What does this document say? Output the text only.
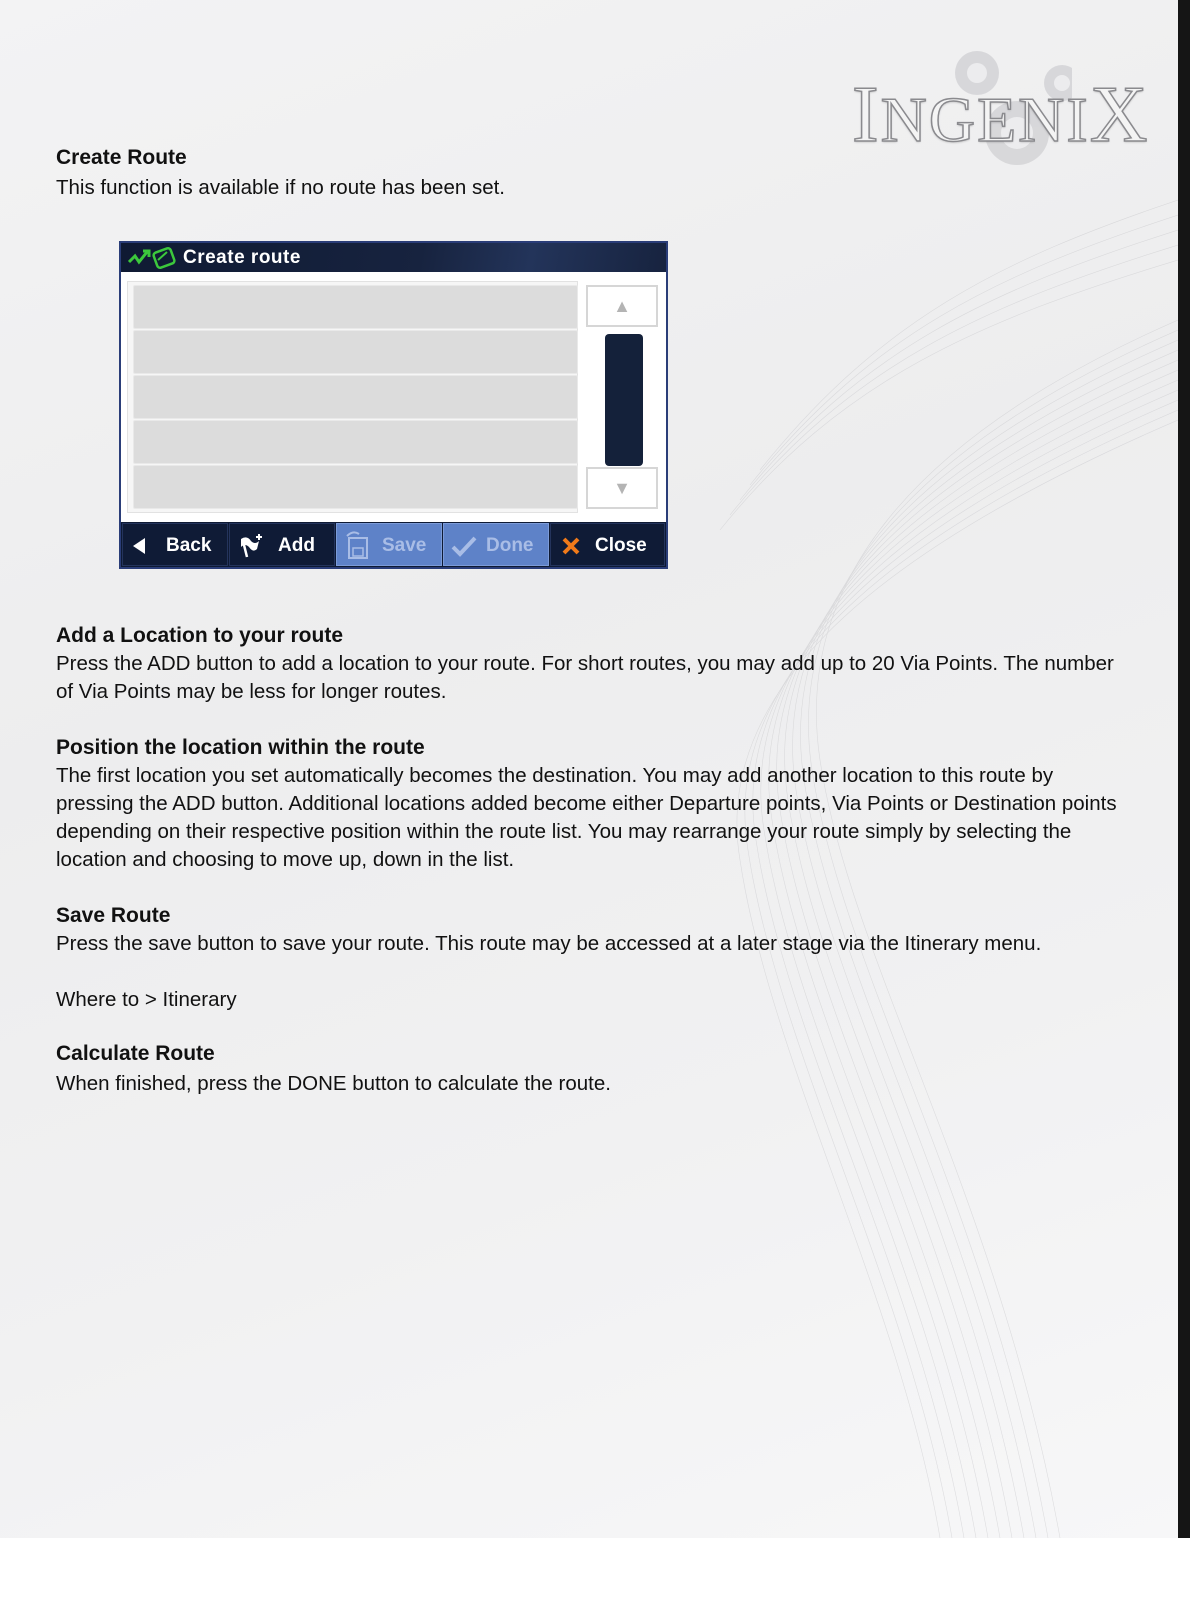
INGENIX
Create Route
This function is available if no route has been set.
Create route
▲
▼
Back	Add	Save	Done	Close
Add a Location to your route
Press the ADD button to add a location to your route. For short routes, you may add up to 20 Via Points. The number of Via Points may be less for longer routes.
Position the location within the route
The first location you set automatically becomes the destination. You may add another location to this route by pressing the ADD button. Additional locations added become either Departure points, Via Points or Destination points depending on their respective position within the route list. You may rearrange your route simply by selecting the location and choosing to move up, down in the list.
Save Route
Press the save button to save your route. This route may be accessed at a later stage via the Itinerary menu.
Where to > Itinerary
Calculate Route
When finished, press the DONE button to calculate the route.
